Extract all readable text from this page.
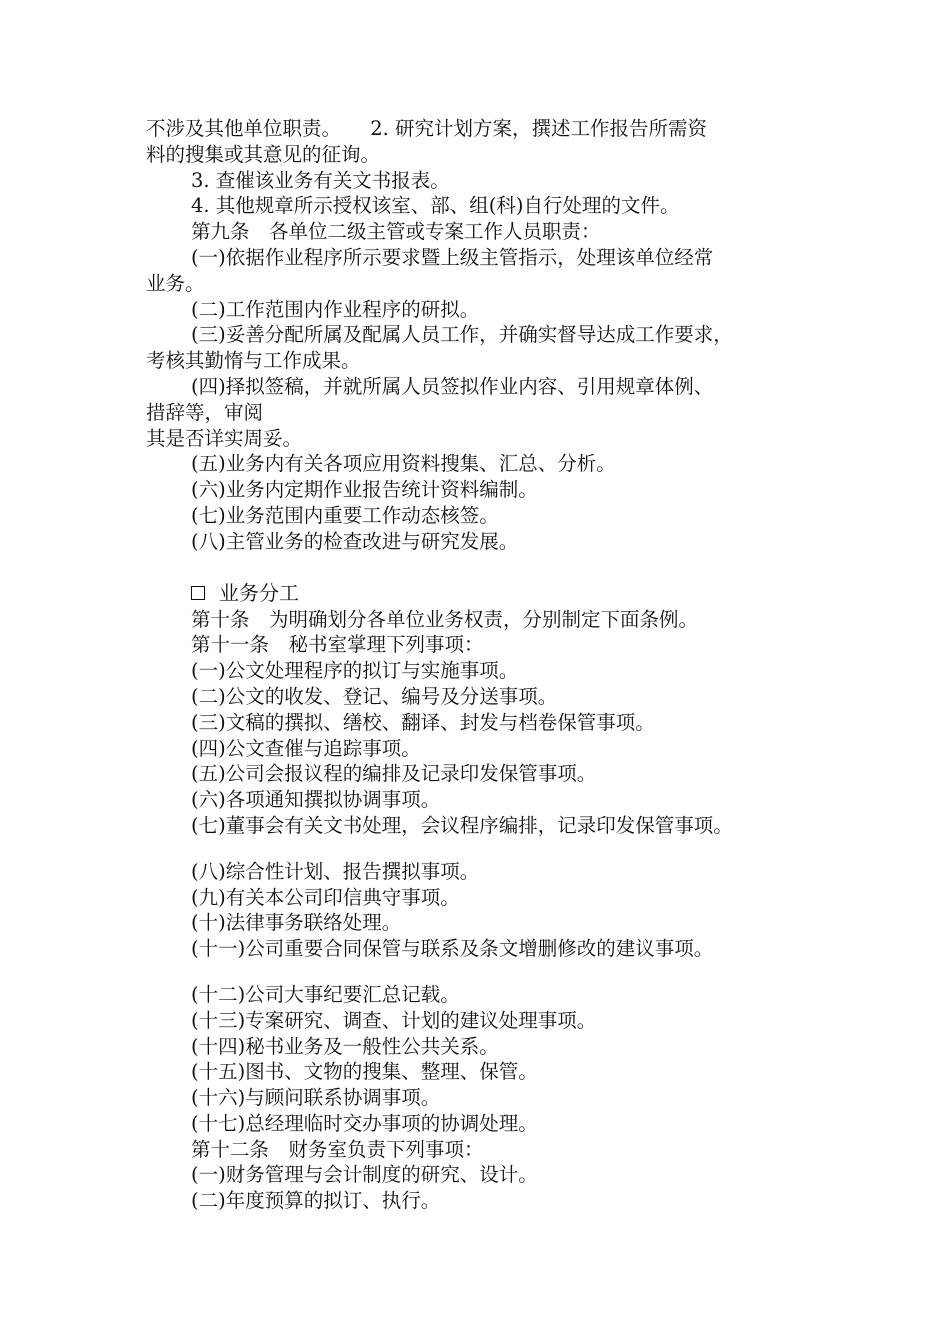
不涉及其他单位职责。　　2. 研究计划方案，撰述工作报告所需资
料的搜集或其意见的征询。
3. 查催该业务有关文书报表。
4. 其他规章所示授权该室、部、组(科)自行处理的文件。
第九条　各单位二级主管或专案工作人员职责：
(一)依据作业程序所示要求暨上级主管指示，处理该单位经常
业务。
(二)工作范围内作业程序的研拟。
(三)妥善分配所属及配属人员工作，并确实督导达成工作要求，
考核其勤惰与工作成果。
(四)择拟签稿，并就所属人员签拟作业内容、引用规章体例、
措辞等，审阅
其是否详实周妥。
(五)业务内有关各项应用资料搜集、汇总、分析。
(六)业务内定期作业报告统计资料编制。
(七)业务范围内重要工作动态核签。
(八)主管业务的检查改进与研究发展。
业务分工
第十条　为明确划分各单位业务权责，分别制定下面条例。
第十一条　秘书室掌理下列事项：
(一)公文处理程序的拟订与实施事项。
(二)公文的收发、登记、编号及分送事项。
(三)文稿的撰拟、缮校、翻译、封发与档卷保管事项。
(四)公文查催与追踪事项。
(五)公司会报议程的编排及记录印发保管事项。
(六)各项通知撰拟协调事项。
(七)董事会有关文书处理，会议程序编排，记录印发保管事项。
(八)综合性计划、报告撰拟事项。
(九)有关本公司印信典守事项。
(十)法律事务联络处理。
(十一)公司重要合同保管与联系及条文增删修改的建议事项。
(十二)公司大事纪要汇总记载。
(十三)专案研究、调查、计划的建议处理事项。
(十四)秘书业务及一般性公共关系。
(十五)图书、文物的搜集、整理、保管。
(十六)与顾问联系协调事项。
(十七)总经理临时交办事项的协调处理。
第十二条　财务室负责下列事项：
(一)财务管理与会计制度的研究、设计。
(二)年度预算的拟订、执行。
